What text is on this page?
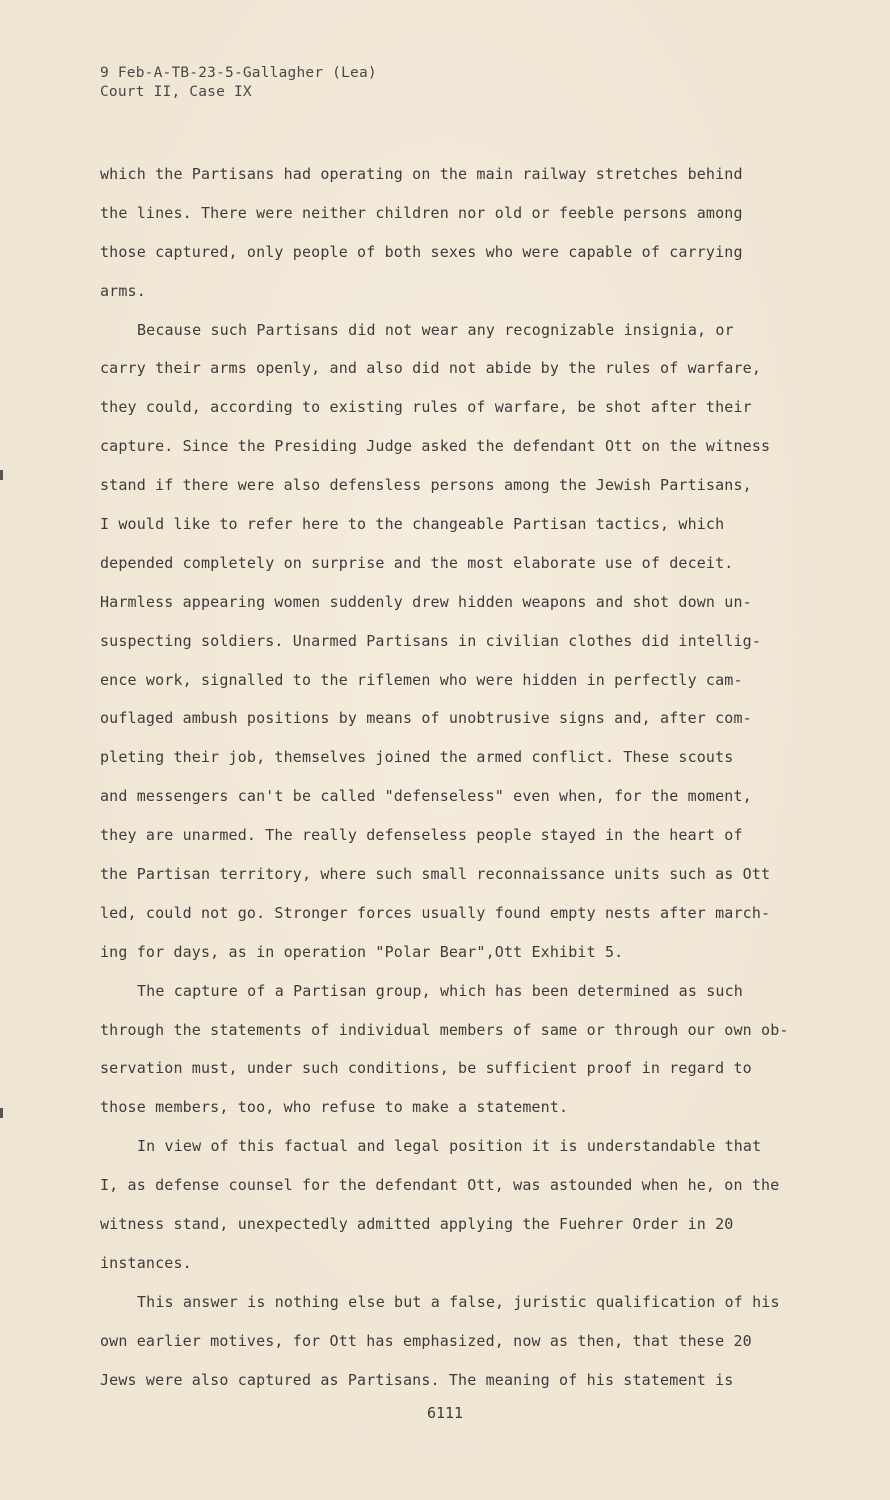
9 Feb-A-TB-23-5-Gallagher (Lea)
Court II, Case IX
which the Partisans had operating on the main railway stretches behind
the lines. There were neither children nor old or feeble persons among
those captured, only people of both sexes who were capable of carrying
arms.
Because such Partisans did not wear any recognizable insignia, or
carry their arms openly, and also did not abide by the rules of warfare,
they could, according to existing rules of warfare, be shot after their
capture. Since the Presiding Judge asked the defendant Ott on the witness
stand if there were also defensless persons among the Jewish Partisans,
I would like to refer here to the changeable Partisan tactics, which
depended completely on surprise and the most elaborate use of deceit.
Harmless appearing women suddenly drew hidden weapons and shot down un-
suspecting soldiers. Unarmed Partisans in civilian clothes did intellig-
ence work, signalled to the riflemen who were hidden in perfectly cam-
ouflaged ambush positions by means of unobtrusive signs and, after com-
pleting their job, themselves joined the armed conflict. These scouts
and messengers can't be called "defenseless" even when, for the moment,
they are unarmed. The really defenseless people stayed in the heart of
the Partisan territory, where such small reconnaissance units such as Ott
led, could not go. Stronger forces usually found empty nests after march-
ing for days, as in operation "Polar Bear",Ott Exhibit 5.
The capture of a Partisan group, which has been determined as such
through the statements of individual members of same or through our own ob-
servation must, under such conditions, be sufficient proof in regard to
those members, too, who refuse to make a statement.
In view of this factual and legal position it is understandable that
I, as defense counsel for the defendant Ott, was astounded when he, on the
witness stand, unexpectedly admitted applying the Fuehrer Order in 20
instances.
This answer is nothing else but a false, juristic qualification of his
own earlier motives, for Ott has emphasized, now as then, that these 20
Jews were also captured as Partisans. The meaning of his statement is
6111
